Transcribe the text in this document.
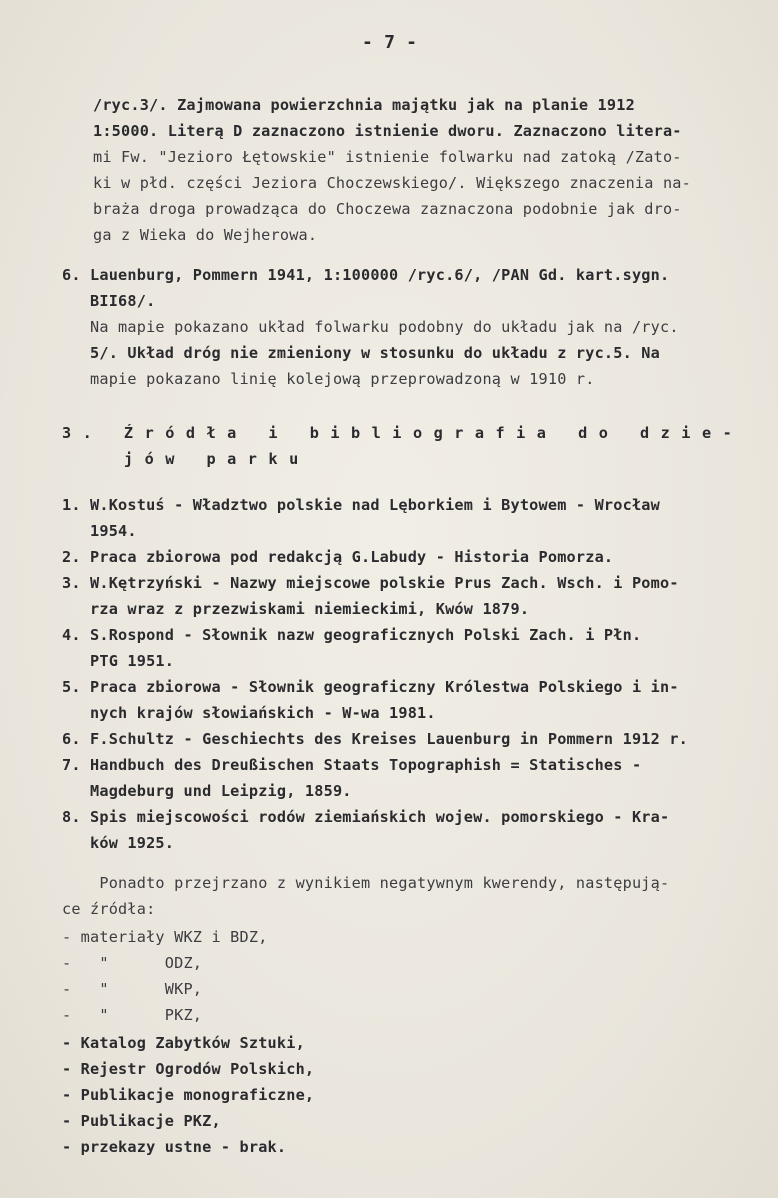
- 7 -
/ryc.3/. Zajmowana powierzchnia majątku jak na planie 1912
1:5000. Literą D zaznaczono istnienie dworu. Zaznaczono litera-
mi Fw. "Jezioro Łętowskie" istnienie folwarku nad zatoką /Zato-
ki w płd. części Jeziora Choczewskiego/. Większego znaczenia na-
braża droga prowadząca do Choczewa zaznaczona podobnie jak dro-
ga z Wieka do Wejherowa.
6. Lauenburg, Pommern 1941, 1:100000 /ryc.6/, /PAN Gd. kart.sygn.
BII68/.
Na mapie pokazano układ folwarku podobny do układu jak na /ryc.
5/. Układ dróg nie zmieniony w stosunku do układu z ryc.5. Na
mapie pokazano linię kolejową przeprowadzoną w 1910 r.
3. Źródła i bibliografia do dzie-
jów parku
1. W.Kostuś - Władztwo polskie nad Lęborkiem i Bytowem - Wrocław
1954.
2. Praca zbiorowa pod redakcją G.Labudy - Historia Pomorza.
3. W.Kętrzyński - Nazwy miejscowe polskie Prus Zach. Wsch. i Pomo-
rza wraz z przezwiskami niemieckimi, Kwów 1879.
4. S.Rospond - Słownik nazw geograficznych Polski Zach. i Płn.
PTG 1951.
5. Praca zbiorowa - Słownik geograficzny Królestwa Polskiego i in-
nych krajów słowiańskich - W-wa 1981.
6. F.Schultz - Geschiechts des Kreises Lauenburg in Pommern 1912 r.
7. Handbuch des Dreußischen Staats Topographish = Statisches -
Magdeburg und Leipzig, 1859.
8. Spis miejscowości rodów ziemiańskich wojew. pomorskiego - Kra-
ków 1925.
Ponadto przejrzano z wynikiem negatywnym kwerendy, następują-
ce źródła:
- materiały WKZ i BDZ,
-   "      ODZ,
-   "      WKP,
-   "      PKZ,
- Katalog Zabytków Sztuki,
- Rejestr Ogrodów Polskich,
- Publikacje monograficzne,
- Publikacje PKZ,
- przekazy ustne - brak.
